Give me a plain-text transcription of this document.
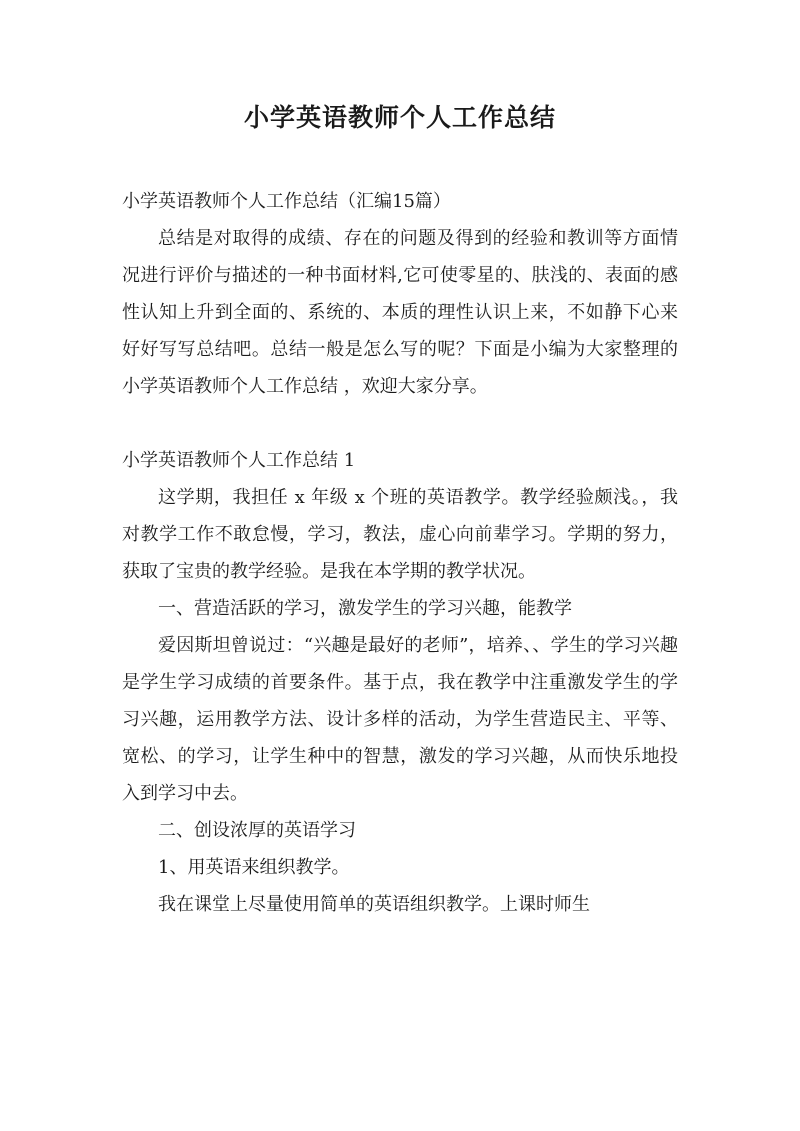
小学英语教师个人工作总结

小学英语教师个人工作总结（汇编15篇）

总结是对取得的成绩、存在的问题及得到的经验和教训等方面情况进行评价与描述的一种书面材料,它可使零星的、肤浅的、表面的感性认知上升到全面的、系统的、本质的理性认识上来，不如静下心来好好写写总结吧。总结一般是怎么写的呢？下面是小编为大家整理的小学英语教师个人工作总结 ，欢迎大家分享。

小学英语教师个人工作总结 1

这学期，我担任 x 年级 x 个班的英语教学。教学经验颇浅。，我对教学工作不敢怠慢，学习，教法，虚心向前辈学习。学期的努力，获取了宝贵的教学经验。是我在本学期的教学状况。

一、营造活跃的学习，激发学生的学习兴趣，能教学

爱因斯坦曾说过：“兴趣是最好的老师”，培养、、学生的学习兴趣是学生学习成绩的首要条件。基于点，我在教学中注重激发学生的学习兴趣，运用教学方法、设计多样的活动，为学生营造民主、平等、宽松、的学习，让学生种中的智慧，激发的学习兴趣，从而快乐地投入到学习中去。

二、创设浓厚的英语学习

1、用英语来组织教学。

我在课堂上尽量使用简单的英语组织教学。上课时师生
